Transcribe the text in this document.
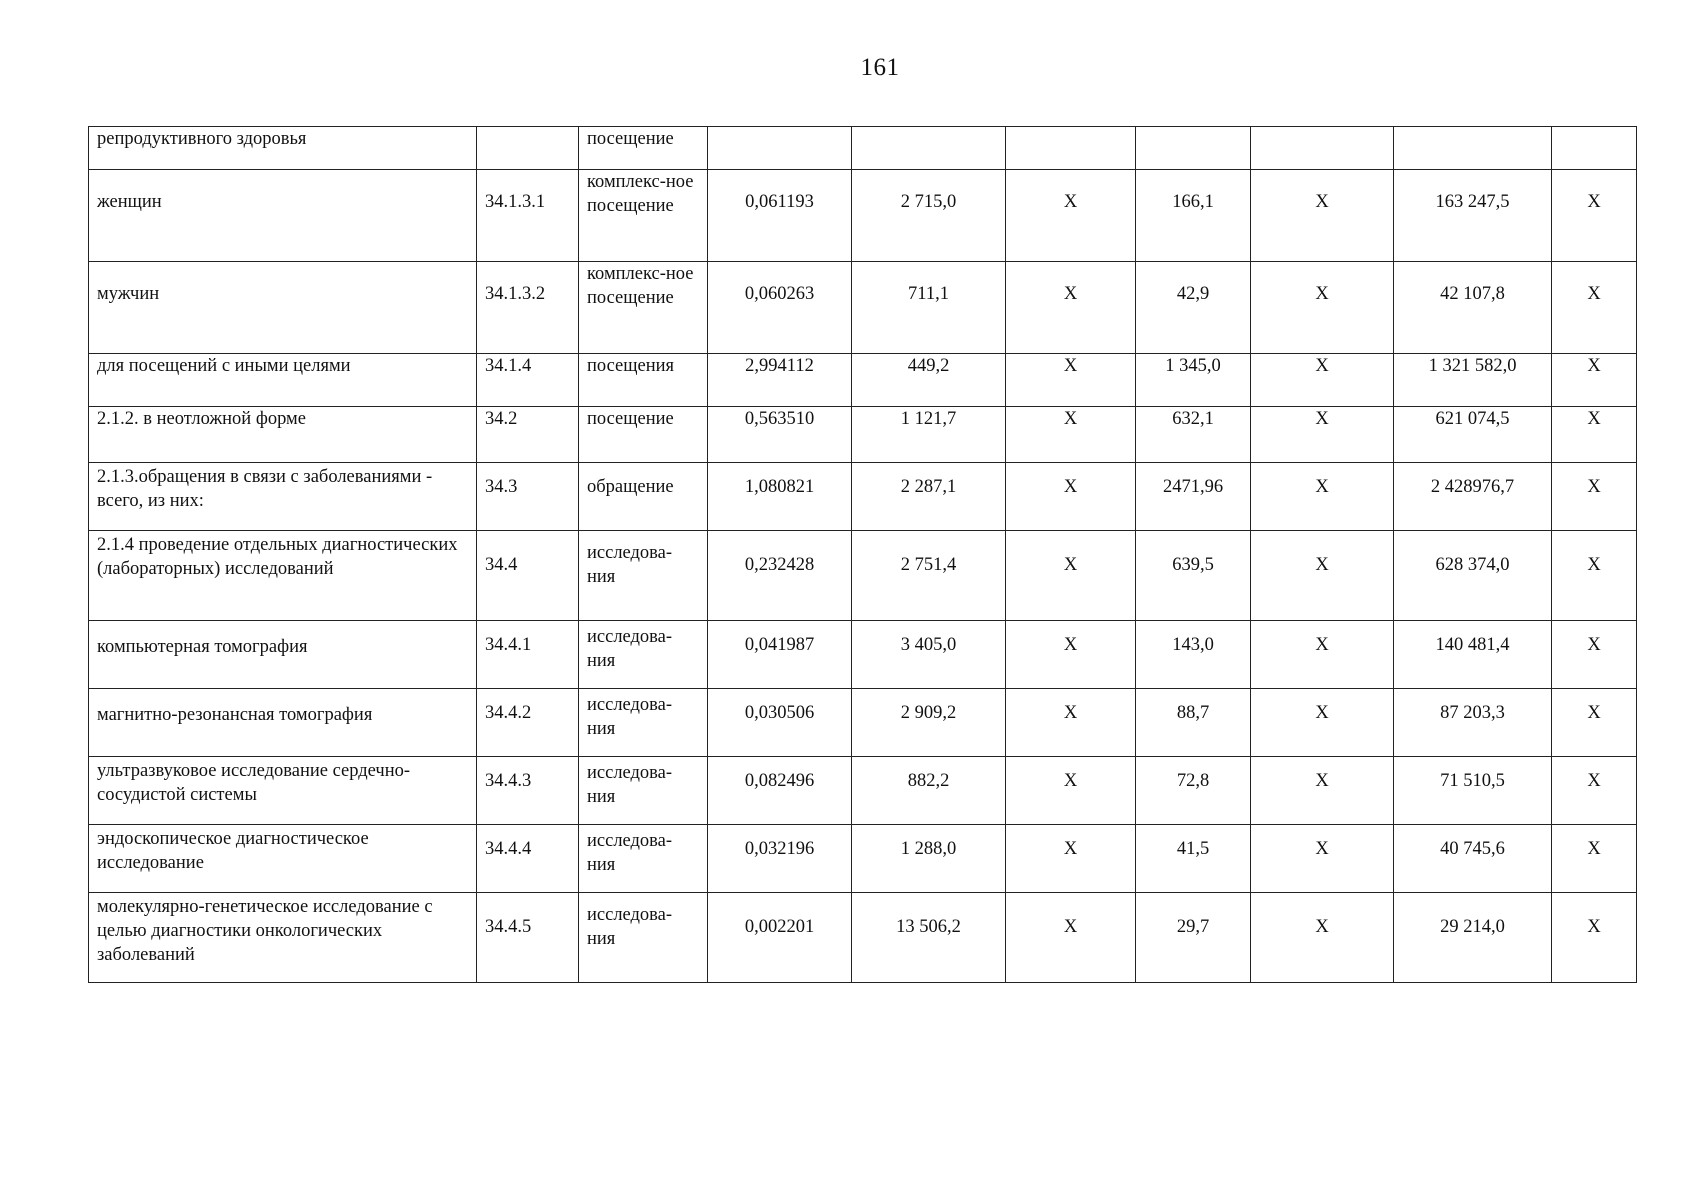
161
репродуктивного здоровья		посещение							
женщин	34.1.3.1	комплекс-ное посещение	0,061193	2 715,0	Х	166,1	Х	163 247,5	Х
мужчин	34.1.3.2	комплекс-ное посещение	0,060263	711,1	Х	42,9	Х	42 107,8	Х
для посещений с иными целями	34.1.4	посещения	2,994112	449,2	Х	1 345,0	Х	1 321 582,0	Х
2.1.2. в неотложной форме	34.2	посещение	0,563510	1 121,7	Х	632,1	Х	621 074,5	Х
2.1.3.обращения в связи с заболеваниями - всего, из них:	34.3	обращение	1,080821	2 287,1	Х	2471,96	Х	2 428976,7	Х
2.1.4 проведение отдельных диагностических (лабораторных) исследований	34.4	исследова-ния	0,232428	2 751,4	Х	639,5	Х	628 374,0	Х
компьютерная томография	34.4.1	исследова-ния	0,041987	3 405,0	Х	143,0	Х	140 481,4	Х
магнитно-резонансная томография	34.4.2	исследова-ния	0,030506	2 909,2	Х	88,7	Х	87 203,3	Х
ультразвуковое исследование сердечно-сосудистой системы	34.4.3	исследова-ния	0,082496	882,2	Х	72,8	Х	71 510,5	Х
эндоскопическое диагностическое исследование	34.4.4	исследова-ния	0,032196	1 288,0	Х	41,5	Х	40 745,6	Х
молекулярно-генетическое исследование с целью диагностики онкологических заболеваний	34.4.5	исследова-ния	0,002201	13 506,2	Х	29,7	Х	29 214,0	Х
